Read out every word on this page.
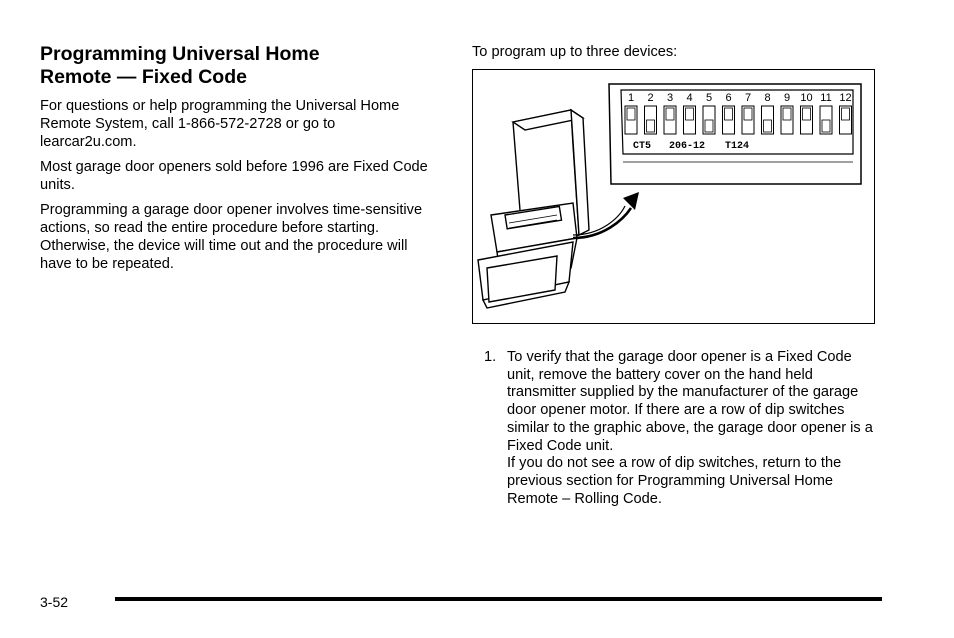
Programming Universal Home
Remote — Fixed Code

For questions or help programming the Universal Home Remote System, call 1-866-572-2728 or go to learcar2u.com.

Most garage door openers sold before 1996 are Fixed Code units.

Programming a garage door opener involves time-sensitive actions, so read the entire procedure before starting. Otherwise, the device will time out and the procedure will have to be repeated.

To program up to three devices:

1 2 3 4 5 6 7 8 9 10 11 12
CT5 206-12 T124
1. To verify that the garage door opener is a Fixed Code unit, remove the battery cover on the hand held transmitter supplied by the manufacturer of the garage door opener motor. If there are a row of dip switches similar to the graphic above, the garage door opener is a Fixed Code unit.

If you do not see a row of dip switches, return to the previous section for Programming Universal Home Remote – Rolling Code.

3-52
